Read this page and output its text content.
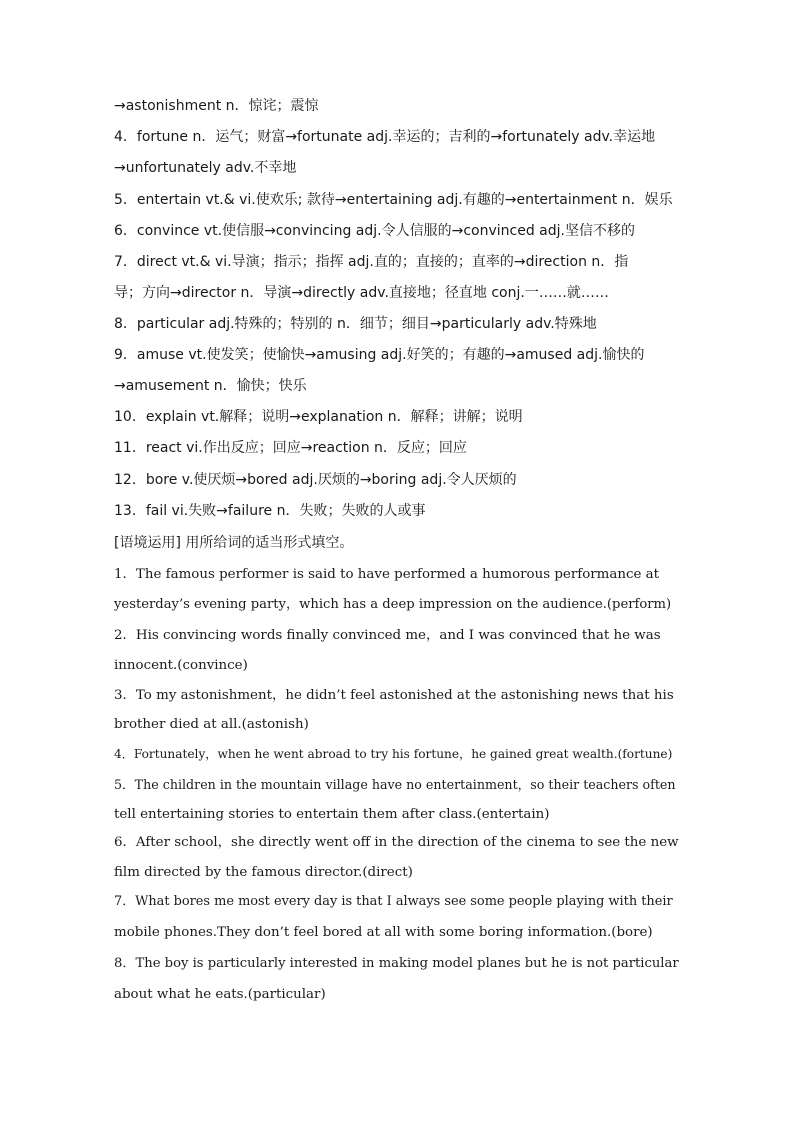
→astonishment n．惊诧；震惊
4．fortune n．运气；财富→fortunate adj.幸运的；吉利的→fortunately adv.幸运地
→unfortunately adv.不幸地
5．entertain vt.& vi.使欢乐; 款待→entertaining adj.有趣的→entertainment n．娱乐
6．convince vt.使信服→convincing adj.令人信服的→convinced adj.坚信不移的
7．direct vt.& vi.导演；指示；指挥 adj.直的；直接的；直率的→direction n．指
导；方向→director n．导演→directly adv.直接地；径直地 conj.一……就……
8．particular adj.特殊的；特别的 n．细节；细目→particularly adv.特殊地
9．amuse vt.使发笑；使愉快→amusing adj.好笑的；有趣的→amused adj.愉快的
→amusement n．愉快；快乐
10．explain vt.解释；说明→explanation n．解释；讲解；说明
11．react vi.作出反应；回应→reaction n．反应；回应
12．bore v.使厌烦→bored adj.厌烦的→boring adj.令人厌烦的
13．fail vi.失败→failure n．失败；失败的人或事
[语境运用] 用所给词的适当形式填空。
1．The famous performer is said to have performed a humorous performance at
yesterday’s evening party，which has a deep impression on the audience.(perform)
2．His convincing words finally convinced me，and I was convinced that he was
innocent.(convince)
3．To my astonishment，he didn’t feel astonished at the astonishing news that his
brother died at all.(astonish)
4．Fortunately，when he went abroad to try his fortune，he gained great wealth.(fortune)
5．The children in the mountain village have no entertainment，so their teachers often
tell entertaining stories to entertain them after class.(entertain)
6．After school，she directly went off in the direction of the cinema to see the new
film directed by the famous director.(direct)
7．What bores me most every day is that I always see some people playing with their
mobile phones.They don’t feel bored at all with some boring information.(bore)
8．The boy is particularly interested in making model planes but he is not particular
about what he eats.(particular)
